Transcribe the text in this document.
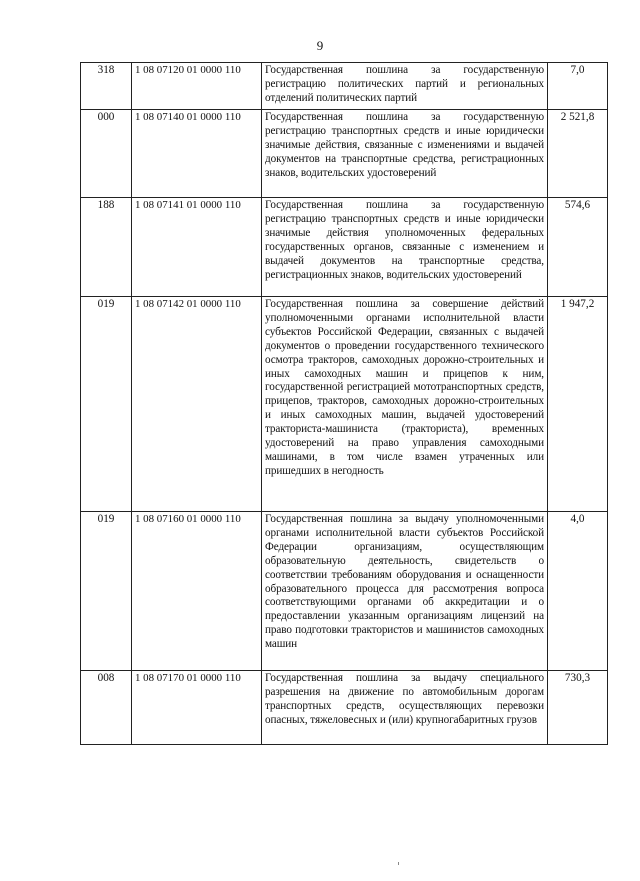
9
318	1 08 07120 01 0000 110	Государственная пошлина за государственную регистрацию политических партий и региональных отделений политических партий	7,0
000	1 08 07140 01 0000 110	Государственная пошлина за государственную регистрацию транспортных средств и иные юридически значимые действия, связанные с изменениями и выдачей документов на транспортные средства, регистрационных знаков, водительских удостоверений	2 521,8
188	1 08 07141 01 0000 110	Государственная пошлина за государственную регистрацию транспортных средств и иные юридически значимые действия уполномоченных федеральных государственных органов, связанные с изменением и выдачей документов на транспортные средства, регистрационных знаков, водительских удостоверений	574,6
019	1 08 07142 01 0000 110	Государственная пошлина за совершение действий уполномоченными органами исполнительной власти субъектов Российской Федерации, связанных с выдачей документов о проведении государственного технического осмотра тракторов, самоходных дорожно-строительных и иных самоходных машин и прицепов к ним, государственной регистрацией мототранспортных средств, прицепов, тракторов, самоходных дорожно-строительных и иных самоходных машин, выдачей удостоверений тракториста-машиниста (тракториста), временных удостоверений на право управления самоходными машинами, в том числе взамен утраченных или пришедших в негодность	1 947,2
019	1 08 07160 01 0000 110	Государственная пошлина за выдачу уполномоченными органами исполнительной власти субъектов Российской Федерации организациям, осуществляющим образовательную деятельность, свидетельств о соответствии требованиям оборудования и оснащенности образовательного процесса для рассмотрения вопроса соответствующими органами об аккредитации и о предоставлении указанным организациям лицензий на право подготовки трактористов и машинистов самоходных машин	4,0
008	1 08 07170 01 0000 110	Государственная пошлина за выдачу специального разрешения на движение по автомобильным дорогам транспортных средств, осуществляющих перевозки опасных, тяжеловесных и (или) крупногабаритных грузов	730,3
